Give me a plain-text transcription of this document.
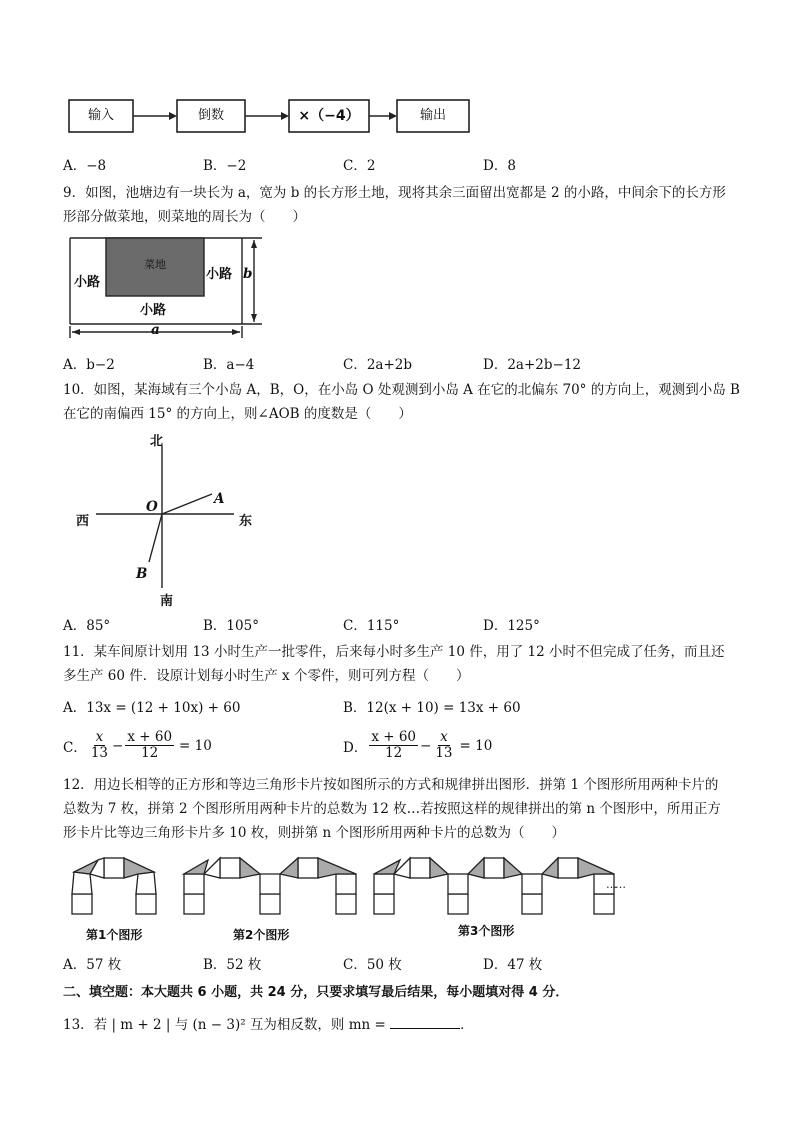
输入	倒数	×（−4）	输出
A．−8	B．−2	C．2	D．8
9．如图，池塘边有一块长为 a，宽为 b 的长方形土地，现将其余三面留出宽都是 2 的小路，中间余下的长方形
形部分做菜地，则菜地的周长为（　　）
菜地
小路
小路
小路
b
a
A．b−2	B．a−4	C．2a+2b	D．2a+2b−12
10．如图，某海域有三个小岛 A，B，O，在小岛 O 处观测到小岛 A 在它的北偏东 70° 的方向上，观测到小岛 B
在它的南偏西 15° 的方向上，则∠AOB 的度数是（　　）
北
南
西	东
O	A
B
A．85°	B．105°	C．115°	D．125°
11．某车间原计划用 13 小时生产一批零件，后来每小时多生产 10 件，用了 12 小时不但完成了任务，而且还
多生产 60 件．设原计划每小时生产 x 个零件，则可列方程（　　）
A．13x = (12 + 10x) + 60	B．12(x + 10) = 13x + 60
C． $\frac{x}{13} - \frac{x + 60}{12} = 10$	D． $\frac{x + 60}{12} - \frac{x}{13} = 10$
12．用边长相等的正方形和等边三角形卡片按如图所示的方式和规律拼出图形．拼第 1 个图形所用两种卡片的
总数为 7 枚，拼第 2 个图形所用两种卡片的总数为 12 枚…若按照这样的规律拼出的第 n 个图形中，所用正方
形卡片比等边三角形卡片多 10 枚，则拼第 n 个图形所用两种卡片的总数为（　　）
……
第1个图形	第2个图形	第3个图形
A．57 枚	B．52 枚	C．50 枚	D．47 枚
二、填空题：本大题共 6 小题，共 24 分，只要求填写最后结果，每小题填对得 4 分．
13．若 | m + 2 | 与 (n − 3)² 互为相反数，则 mn =	．
